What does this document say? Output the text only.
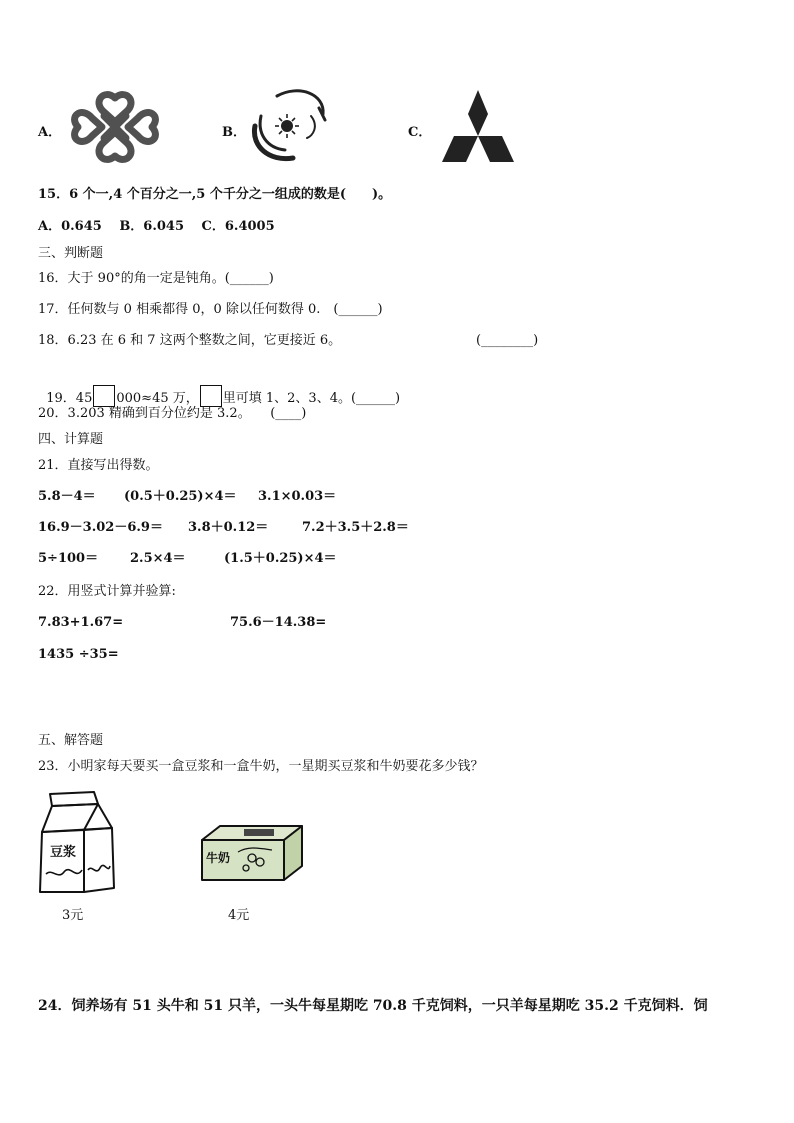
A．	B．	C．
15．6 个一,4 个百分之一,5 个千分之一组成的数是(　　)。
A．0.645　 B．6.045　 C．6.4005
三、判断题
16．大于 90°的角一定是钝角。(______)
17．任何数与 0 相乘都得 0，0 除以任何数得 0.　(______)
18．6.23 在 6 和 7 这两个整数之间，它更接近 6。	(________)

19．45 000≈45 万， 里可填 1、2、3、4。(______)

20．3.203 精确到百分位约是 3.2。　　(____)
四、计算题
21．直接写出得数。
5.8－4＝ (0.5＋0.25)×4＝ 3.1×0.03＝
16.9－3.02－6.9＝ 3.8＋0.12＝	7.2＋3.5＋2.8＝
5÷100＝ 2.5×4＝	(1.5＋0.25)×4＝
22．用竖式计算并验算:
7.83+1.67=	75.6－14.38=
1435 ÷35=
五、解答题
23．小明家每天要买一盒豆浆和一盒牛奶，一星期买豆浆和牛奶要花多少钱？
豆浆
3元
牛奶
4元
24．饲养场有 51 头牛和 51 只羊，一头牛每星期吃 70.8 千克饲料，一只羊每星期吃 35.2 千克饲料．饲
